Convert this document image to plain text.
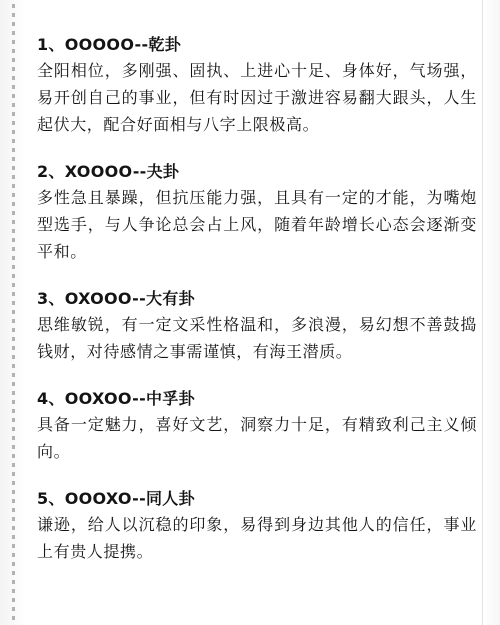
1、OOOOO--乾卦

全阳相位，多刚强、固执、上进心十足、身体好，气场强，易开创自己的事业，但有时因过于激进容易翻大跟头，人生起伏大，配合好面相与八字上限极高。

2、XOOOO--夬卦

多性急且暴躁，但抗压能力强，且具有一定的才能，为嘴炮型选手，与人争论总会占上风，随着年龄增长心态会逐渐变平和。

3、OXOOO--大有卦

思维敏锐，有一定文采性格温和，多浪漫，易幻想不善鼓捣钱财，对待感情之事需谨慎，有海王潜质。

4、OOXOO--中孚卦

具备一定魅力，喜好文艺，洞察力十足，有精致利己主义倾向。

5、OOOXO--同人卦

谦逊，给人以沉稳的印象，易得到身边其他人的信任，事业上有贵人提携。
